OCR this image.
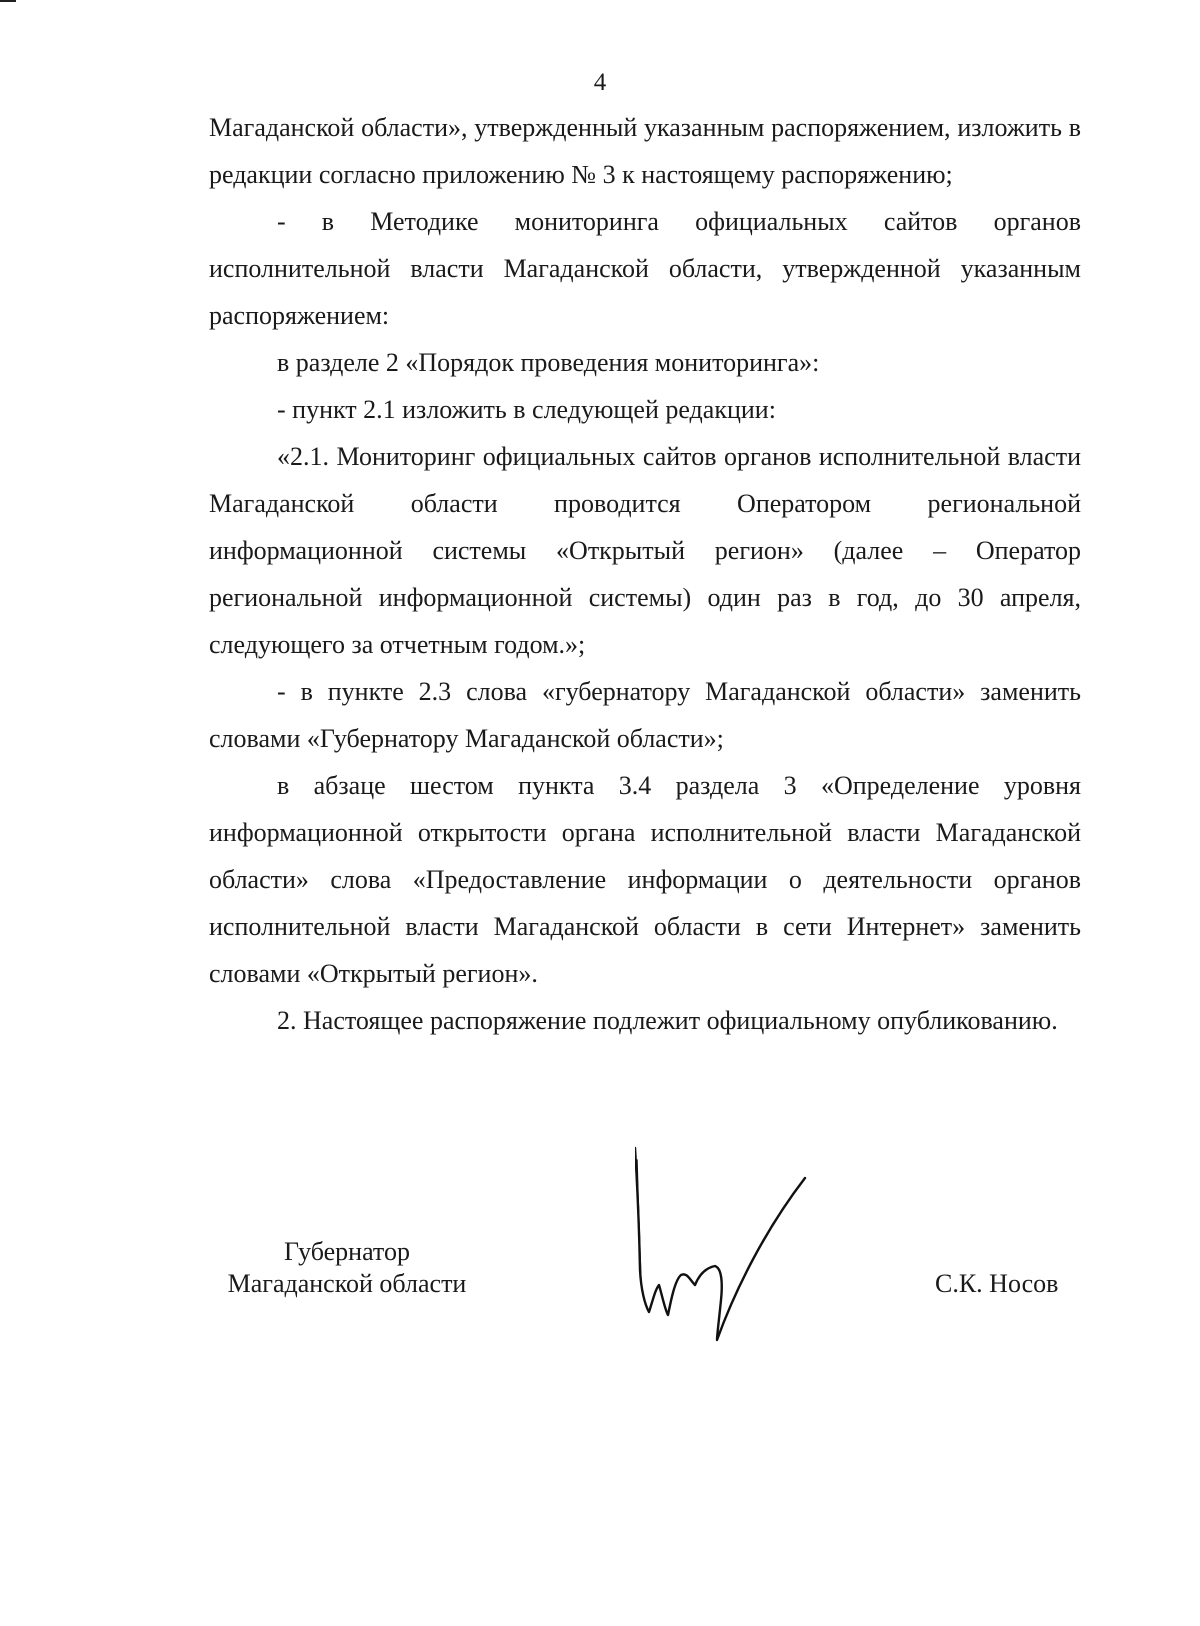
4

Магаданской области», утвержденный указанным распоряжением, изложить в редакции согласно приложению № 3 к настоящему распоряжению;

- в Методике мониторинга официальных сайтов органов исполнительной власти Магаданской области, утвержденной указанным распоряжением:

в разделе 2 «Порядок проведения мониторинга»:

- пункт 2.1 изложить в следующей редакции:

«2.1. Мониторинг официальных сайтов органов исполнительной власти Магаданской области проводится Оператором региональной информационной системы «Открытый регион» (далее – Оператор региональной информационной системы) один раз в год, до 30 апреля, следующего за отчетным годом.»;

- в пункте 2.3 слова «губернатору Магаданской области» заменить словами «Губернатору Магаданской области»;

в абзаце шестом пункта 3.4 раздела 3 «Определение уровня информационной открытости органа исполнительной власти Магаданской области» слова «Предоставление информации о деятельности органов исполнительной власти Магаданской области в сети Интернет» заменить словами «Открытый регион».

2. Настоящее распоряжение подлежит официальному опубликованию.

Губернатор
Магаданской области	С.К. Носов
